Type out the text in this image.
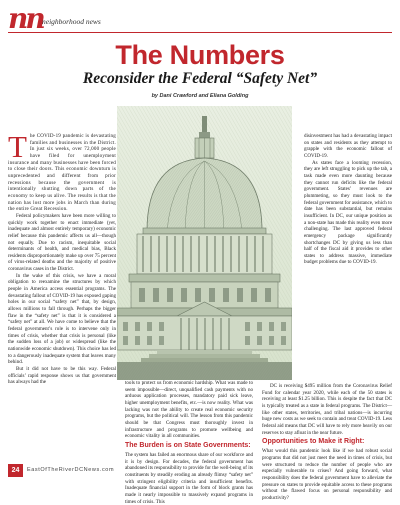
nn neighborhood news
The Numbers
Reconsider the Federal “Safety Net”
by Dani Crawford and Eliana Golding

The COVID-19 pandemic is devastating families and businesses in the District. In just six weeks, over 72,000 people have filed for unemployment insurance and many businesses have been forced to close their doors. This economic downturn is unprecedented and different from prior recessions because the government is intentionally shutting down parts of the economy to keep us alive. The results is that the nation has lost more jobs in March than during the entire Great Recession.

Federal policymakers have been more willing to quickly work together to enact immediate (yet, inadequate and almost entirely temporary) economic relief because this pandemic affects us all—though not equally. Due to racism, inequitable social determinants of health, and medical bias, Black residents disproportionately make up over 75 percent of virus-related deaths and the majority of positive coronavirus cases in the District.

In the wake of this crisis, we have a moral obligation to reexamine the structures by which people in America access essential programs. The devastating fallout of COVID-19 has exposed gaping holes in our social “safety net” that, by design, allows millions to fall through. Perhaps the bigger flaw in the “safety net” is that it is considered a “safety net” at all. We have come to believe that the federal government’s role is to intervene only in times of crisis, whether that crisis is personal (like the sudden loss of a job) or widespread (like the nationwide economic shutdown). This choice has led to a dangerously inadequate system that leaves many behind.

But it did not have to be this way. Federal officials’ rapid response shows us that government has always had the	tools to protect us from economic hardship. What was made to seem impossible—direct, unqualified cash payments with no arduous application processes, mandatory paid sick leave, higher unemployment benefits, etc.—is now reality. What was lacking was not the ability to create real economic security programs, but the political will. The lesson from this pandemic should be that Congress must thoroughly invest in infrastructure and programs to promote wellbeing and economic vitality in all communities.

The Burden is on State Governments:

The system has failed an enormous share of our workforce and it is by design. For decades, the federal government has abandoned its responsibility to provide for the well-being of its constituents by steadily eroding an already flimsy “safety net” with stringent eligibility criteria and insufficient benefits. Inadequate financial support in the form of block grants has made it nearly impossible to massively expand programs in times of crisis. This

disinvestment has had a devastating impact on states and residents as they attempt to grapple with the economic fallout of COVID-19.

As states face a looming recession, they are left struggling to pick up the tab, a task made even more daunting because they cannot run deficits like the federal government. States’ revenues are plummeting, so they must look to the federal government for assistance, which to date has been substantial, but remains insufficient. In DC, our unique position as a non-state has made this reality even more challenging. The last approved federal emergency package significantly shortchanges DC by giving us less than half of the fiscal aid it provides to other states to address massive, immediate budget problems due to COVID-19.

DC is receiving $495 million from the Coronavirus Relief Fund for calendar year 2020, while each of the 50 states is receiving at least $1.25 billion. This is despite the fact that DC is typically treated as a state in federal programs. The District—like other states, territories, and tribal nations—is incurring huge new costs as we seek to contain and treat COVID-19. Less federal aid means that DC will have to rely more heavily on our reserves to stay afloat in the near future.

Opportunities to Make it Right:

What would this pandemic look like if we had robust social programs that did not just meet the need in times of crisis, but were structured to reduce the number of people who are especially vulnerable to crises? And going forward, what responsibility does the federal government have to alleviate the pressure on states to provide equitable access to these programs without the flawed focus on personal responsibility and productivity?

24	EastOfTheRiverDCNews.com
